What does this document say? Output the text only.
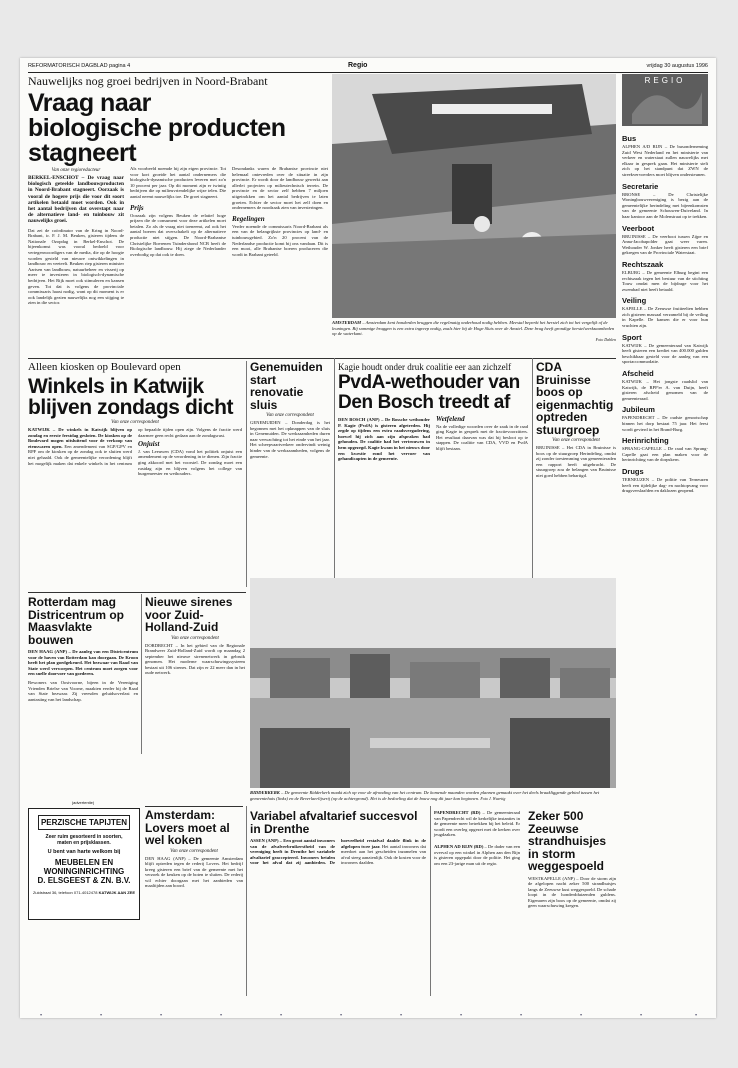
REFORMATORISCH DAGBLAD pagina 4	Regio	vrijdag 30 augustus 1996
Nauwelijks nog groei bedrijven in Noord-Brabant
Vraag naar biologische producten stagneert
Van onze regioredacteur
BERKEL-ENSCHOT – De vraag naar biologisch geteelde landbouwproducten in Noord-Brabant stagneert. Oorzaak is vooral de hogere prijs die voor dit soort artikelen betaald moet worden. Ook in het aantal bedrijven dat overstapt naar de alternatieve land- en tuinbouw zit nauwelijks groei.
Dat zei de coördinator van de Kring in Noord-Brabant, ir. F. J. M. Beuken, gisteren tijdens de Nationale Ozopdag in Berkel-Enschot. De bijeenkomst was vooral bedoeld voor vertegenwoordigers van de media, die op de hoogte worden gesteld van nieuwe ontwikkelingen in landbouw en veeteelt. Beuken riep gisteren minister Aartsen van landbouw, natuurbeheer en visserij op meer te investeren in biologisch-dynamische bedrijven. Het Rijk moet ook stimuleren en kansen geven. Tot dat is volgens de provinciale commissaris haast nodig, want op dit moment is er ook landelijk gezien nauwelijks nog een stijging te zien in die sector.
Als voorbeeld noemde hij zijn eigen provincie. Tot voor kort groeide het aantal ondernemers die biologisch-dynamische producten leveren met zo'n 10 procent per jaar. Op dit moment zijn er twintig bedrijven die op milieuvriendelijke wijze telen. Die aantal neemt nauwelijks toe. De groei stagneert.
Prijs
Oorzaak zijn volgens Beuken de relatief hoge prijzen die de consument voor deze artikelen moet betalen. Zo als de vraag niet toeneemt, zal ook het aantal boeren dat overschakelt op de alternatieve productie niet stijgen. De Noord-Brabantse Christelijke Boerenen Tuindersbond NCB heeft de Biologische landbouw. Hij ziege de Nederlander overbodig op dat ook te doen.
Desondanks waren de Brabantse provincie niet helemaal ontevreden over de situatie in zijn provincie. Er wordt door de landbouw gewerkt aan allerlei projecten op milieutechnisch terrein. De provincie en de sector zelf hebben 7 miljoen uitgetrokken om het aantal bedrijven te laten groeien. Echter de sector moet het zelf doen en ondernemers de noodzaak zien van investeringen.
Regelingen
Verder noemde de commissaris Noord-Brabant als een van de belangrijkste provincies op land- en tuinbouwgebied. Zo'n 20 procent van de Nederlandse productie komt bij ons vandaan. Dit is een mooi, alle Brabantse boeren produceren die wordt in Brabant geteeld.
AMSTERDAM – Amsterdam kent honderden bruggen die regelmatig onderhoud nodig hebben. Meestal beperkt het herstel zich tot het vergelijk of de leuningen. Bij sommige bruggen is een extra ingreep nodig, zoals hier bij de Hoge Sluis over de Amstel. Deze brug heeft grondige herstelwerkzaamheden op de waterkant.
Foto Dahlen
REGIO
Bus
ALPHEN A/D RIJN – De busonderneming Zuid West Nederland en het ministerie van verkeer en waterstaat zullen nauwelijks met elkaar in gesprek gaan. Het ministerie stelt zich op het standpunt dat ZWN de streekvervoerders moet blijven ondersteunen.
Secretarie
BRONSE – De Christelijke Woningbouwvereniging is bezig aan de gemeentelijke herindeling met bijeenkomsten van de gemeente Schouwen-Duiveland. In haar kantoor aan de Molenstraat op te trekken.
Veerboot
BRUINISSE – De veerboot tussen Zijpe en Anna-Jacobapolder gaat weer varen. Wethouder W. Jonker heeft gisteren een brief gekregen van de Provinciale Waterstaat.
Rechtszaak
ELBURG – De gemeente Elburg begint een rechtszaak tegen het bestuur van de stichting Touw omdat men de bijdrage voor het zwembad niet heeft betaald.
Veiling
KAPELLE – De Zeeuwse fruitteelten hebben zich gisteren massaal verzameld bij de veiling in Kapelle. De kansen die er voor hun vruchten zijn.
Sport
KATWIJK – De gemeenteraad van Katwijk heeft gisteren een krediet van 400.000 gulden beschikbaar gesteld voor de aanleg van een sportaccommodatie.
Afscheid
KATWIJK – Het jongste raadslid van Katwijk, de RPF'er A. van Duijn, heeft gisteren afscheid genomen van de gemeenteraad.
Jubileum
PAPENDRECHT – De oudste genootschap binnen het dorp bestaat 75 jaar. Het feest wordt gevierd in het Brand-Burg.
Herinrichting
SPRANG-CAPELLE – De raad van Sprang-Capelle gaat een plan maken voor de herinrichting van de dorpskern.
Drugs
TERNEUZEN – De politie van Terneuzen heeft een tijdelijke dag- en nachtopvang voor drugsverslaafden en daklozen geopend.
Alleen kiosken op Boulevard open
Winkels in Katwijk blijven zondags dicht
Van onze correspondent
KATWIJK – De winkels in Katwijk blijven op zondag en eerste feestdag gesloten. De kiosken op de Boulevard mogen uitsluitend voor de verkoop van etenswaren open. Een amendement van SGP/GPV en RPF om de kiosken op de zondag ook te sluiten werd niet gehaald. Ook de gemeentelijke verordening blijft het mogelijk maken dat enkele winkels in het centrum op bepaalde tijden open zijn. Volgens de fractie werd daarmee geen recht gedaan aan de zondagsrust.
Onjuist
J. van Leeuwen (CDA) vond het politiek onjuist een amendement op de verordening in te dienen. Zijn fractie ging akkoord met het voorstel. De zondag moet een rustdag zijn en blijven volgens het college van burgemeester en wethouders.
Genemuiden start renovatie sluis
Van onze correspondent
GENEMUIDEN – Donderdag is het begonnen met het opknappen van de sluis in Genemuiden. De werkzaamheden duren naar verwachting tot het einde van het jaar. Het scheepvaartverkeer ondervindt weinig hinder van de werkzaamheden, volgens de gemeente.
Kagie houdt onder druk coalitie eer aan zichzelf
PvdA-wethouder van Den Bosch treedt af
DEN BOSCH (ANP) – De Bossche wethouder P. Kagie (PvdA) is gisteren afgetreden. Hij zegde op tijdens een extra raadsvergadering, hoewel hij zich aan zijn afspraken had gehouden. De coalitie had het vertrouwen in hem opgezegd. Kagie kwam in het nieuws door een kwestie rond het vervoer van gehandicapten in de gemeente.
Wetfelend
Na de volledige woorden over de zaak in de raad ging Kagie in gesprek met de fractievoorzitters. Het resultaat daarvan was dat hij besloot op te stappen. De coalitie van CDA, VVD en PvdA blijft bestaan.
CDA Bruinisse boos op eigenmachtig optreden stuurgroep
Van onze correspondent
BRUINISSE – Het CDA in Bruinisse is boos op de stuurgroep Herindeling, omdat zij zonder toestemming van gemeenteraden een rapport heeft uitgebracht. De stuurgroep zou de belangen van Bruinisse niet goed hebben behartigd.
RIDDERKERK – De gemeente Ridderkerk maakt zich op voor de afronding van het centrum. De komende maanden worden plannen gemaakt over het deels braakliggende gebied tussen het gemeentehuis (links) en de Beverlaerlijserij (op de achtergrond). Het is de bedoeling dat de bouw nog dit jaar kan beginnen. Foto J. Wuertig
Rotterdam mag Districentrum op Maasvlakte bouwen
DEN HAAG (ANP) – De aanleg van een Districentrum voor de haven van Rotterdam kan doorgaan. De Kroon heeft het plan goedgekeurd. Het bezwaar van Raad van State werd verworpen. Het centrum moet zorgen voor een snelle doorvoer van goederen.
Bewoners van Oostvoorne, bijeen in de Vereniging Vrienden Brielse van Voorne, maakten eerder bij de Raad van State bezwaar. Zij vreesden geluidsoverlast en aantasting van het landschap.
Nieuwe sirenes voor Zuid-Holland-Zuid
Van onze correspondent
DORDRECHT – In het gebied van de Regionale Brandweer Zuid-Holland-Zuid wordt op maandag 2 september het nieuwe sirenenetwerk in gebruik genomen. Het moderne waarschuwingssysteem bestaat uit 106 sirenes. Dat zijn er 22 meer dan in het oude netwerk.
(advertentie)
PERZISCHE TAPIJTEN
Zeer ruim gesorteerd in soorten,
maten en prijsklassen.
U bent van harte welkom bij
MEUBELEN EN
WONINGINRICHTING
D. ELSGEEST & ZN. B.V.
Zuidstraat 36, telefoon 071-4012478 KATWIJK AAN ZEE
Amsterdam: Lovers moet al wel koken
Van onze correspondent
DEN HAAG (ANP) – De gemeente Amsterdam blijft optreden tegen de rederij Lovers. Het bedrijf kreeg gisteren een brief van de gemeente met het verzoek de keuken op de boten te sluiten. De rederij wil echter doorgaan met het aanbieden van maaltijden aan boord.
Variabel afvaltarief succesvol in Drenthe
ASSEN (ANP) – Een groot aantal inwoners van de afvalverbruikerstheid van de vereniging heeft in Drenthe het variabele afvaltarief geaccepteerd. Inwoners betalen voor het afval dat zij aanbieden. De hoeveelheid restafval daalde flink in de afgelopen twee jaar. Het aantal inwoners dat meedoet aan het gescheiden inzamelen van afval steeg aanzienlijk. Ook de kosten voor de inwoners daalden.
PAPENDRECHT (RD) – De gemeenteraad van Papendrecht wil de kerkelijke instanties in de gemeente meer betrekken bij het beleid. Er wordt een overleg opgezet met de kerken over jeugdzaken.
ALPHEN AD RIJN (RD) – De dader van een overval op een winkel in Alphen aan den Rijn is gisteren opgepakt door de politie. Het ging om een 23-jarige man uit de regio.
Zeker 500 Zeeuwse strandhuisjes in storm weggespoeld
WESTKAPELLE (ANP) – Door de storm zijn de afgelopen nacht zeker 500 strandhuisjes langs de Zeeuwse kust weggespoeld. De schade loopt in de honderdduizenden guldens. Eigenaren zijn boos op de gemeente, omdat zij geen waarschuwing kregen.
•	•	•	•	•	•	•	•	•	•	•	•
